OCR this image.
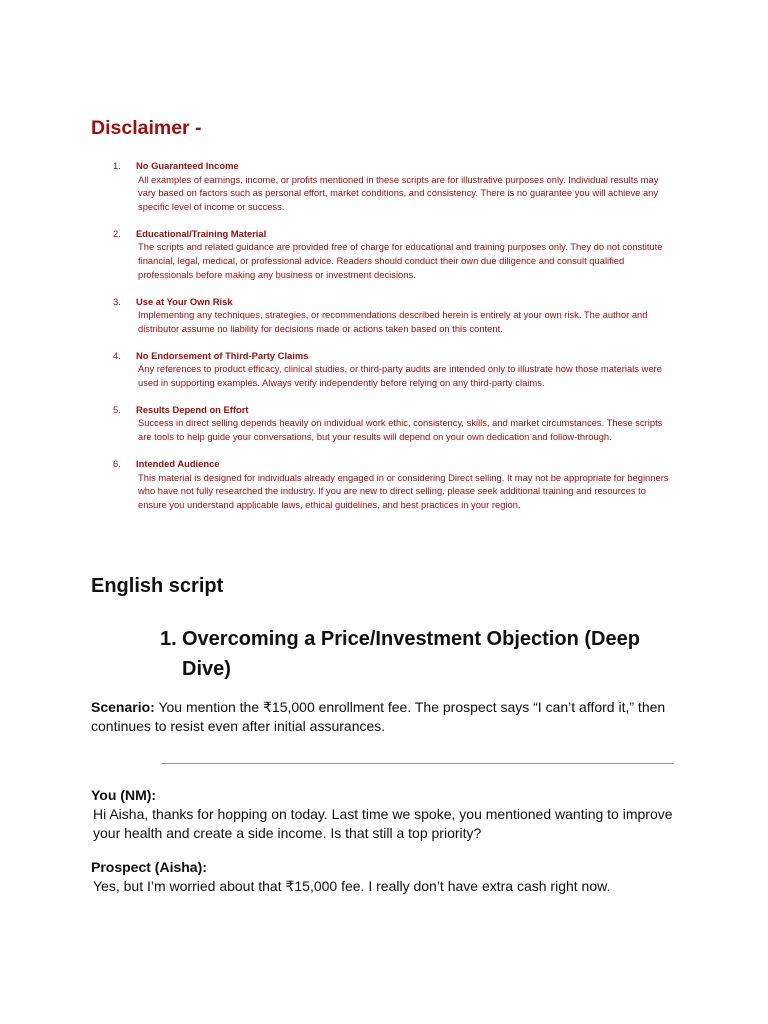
Disclaimer -
1. No Guaranteed Income
All examples of earnings, income, or profits mentioned in these scripts are for illustrative purposes only. Individual results may vary based on factors such as personal effort, market conditions, and consistency. There is no guarantee you will achieve any specific level of income or success.
2. Educational/Training Material
The scripts and related guidance are provided free of charge for educational and training purposes only. They do not constitute financial, legal, medical, or professional advice. Readers should conduct their own due diligence and consult qualified professionals before making any business or investment decisions.
3. Use at Your Own Risk
Implementing any techniques, strategies, or recommendations described herein is entirely at your own risk. The author and distributor assume no liability for decisions made or actions taken based on this content.
4. No Endorsement of Third-Party Claims
Any references to product efficacy, clinical studies, or third-party audits are intended only to illustrate how those materials were used in supporting examples. Always verify independently before relying on any third-party claims.
5. Results Depend on Effort
Success in direct selling depends heavily on individual work ethic, consistency, skills, and market circumstances. These scripts are tools to help guide your conversations, but your results will depend on your own dedication and follow-through.
6. Intended Audience
This material is designed for individuals already engaged in or considering Direct selling. It may not be appropriate for beginners who have not fully researched the industry. If you are new to direct selling, please seek additional training and resources to ensure you understand applicable laws, ethical guidelines, and best practices in your region.
English script
1. Overcoming a Price/Investment Objection (Deep Dive)

Scenario: You mention the ₹15,000 enrollment fee. The prospect says “I can’t afford it,” then continues to resist even after initial assurances.

You (NM):
Hi Aisha, thanks for hopping on today. Last time we spoke, you mentioned wanting to improve your health and create a side income. Is that still a top priority?
Prospect (Aisha):
Yes, but I’m worried about that ₹15,000 fee. I really don’t have extra cash right now.
